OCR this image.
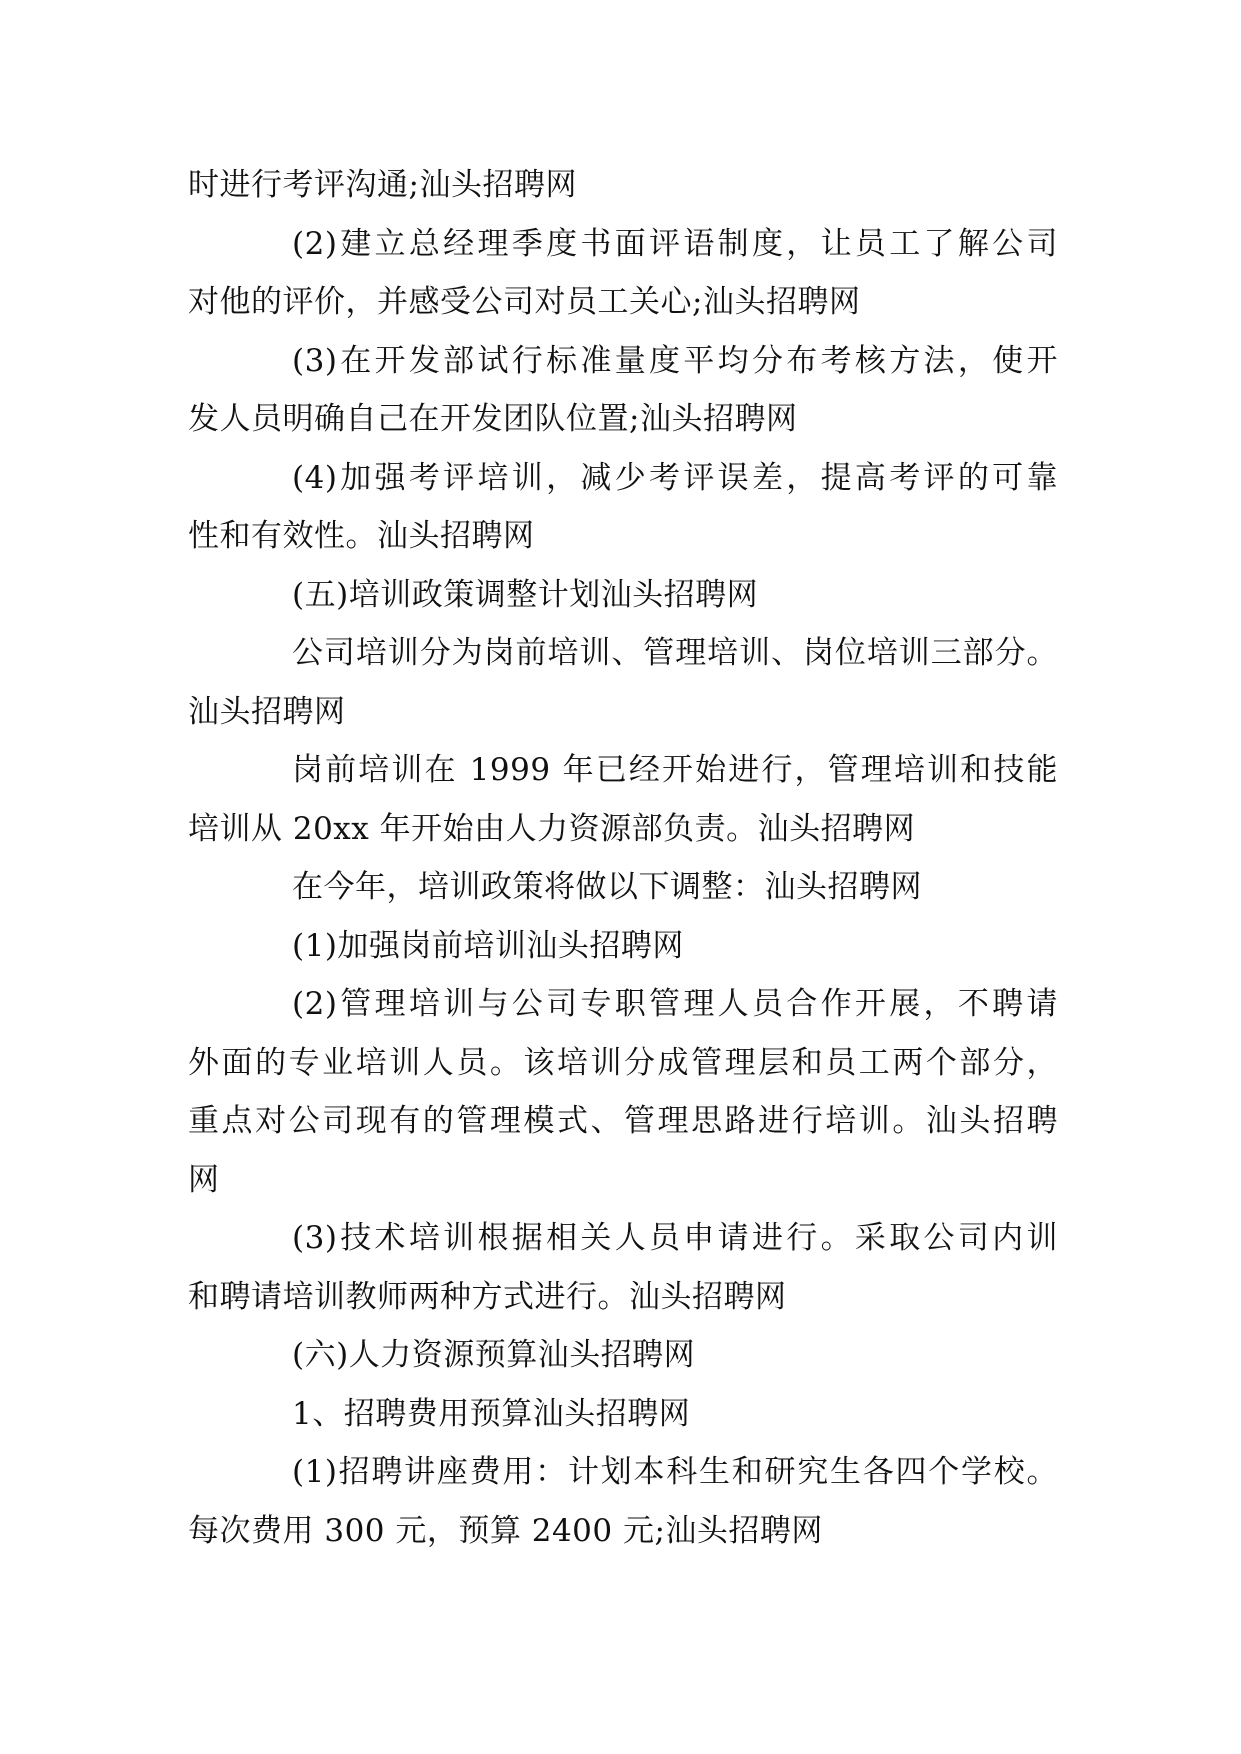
时进行考评沟通;汕头招聘网
(2)建立总经理季度书面评语制度，让员工了解公司
对他的评价，并感受公司对员工关心;汕头招聘网
(3)在开发部试行标准量度平均分布考核方法，使开
发人员明确自己在开发团队位置;汕头招聘网
(4)加强考评培训，减少考评误差，提高考评的可靠
性和有效性。汕头招聘网
(五)培训政策调整计划汕头招聘网
公司培训分为岗前培训、管理培训、岗位培训三部分。
汕头招聘网
岗前培训在 1999 年已经开始进行，管理培训和技能
培训从 20xx 年开始由人力资源部负责。汕头招聘网
在今年，培训政策将做以下调整：汕头招聘网
(1)加强岗前培训汕头招聘网
(2)管理培训与公司专职管理人员合作开展，不聘请
外面的专业培训人员。该培训分成管理层和员工两个部分，
重点对公司现有的管理模式、管理思路进行培训。汕头招聘
网
(3)技术培训根据相关人员申请进行。采取公司内训
和聘请培训教师两种方式进行。汕头招聘网
(六)人力资源预算汕头招聘网
1、招聘费用预算汕头招聘网
(1)招聘讲座费用：计划本科生和研究生各四个学校。
每次费用 300 元，预算 2400 元;汕头招聘网
